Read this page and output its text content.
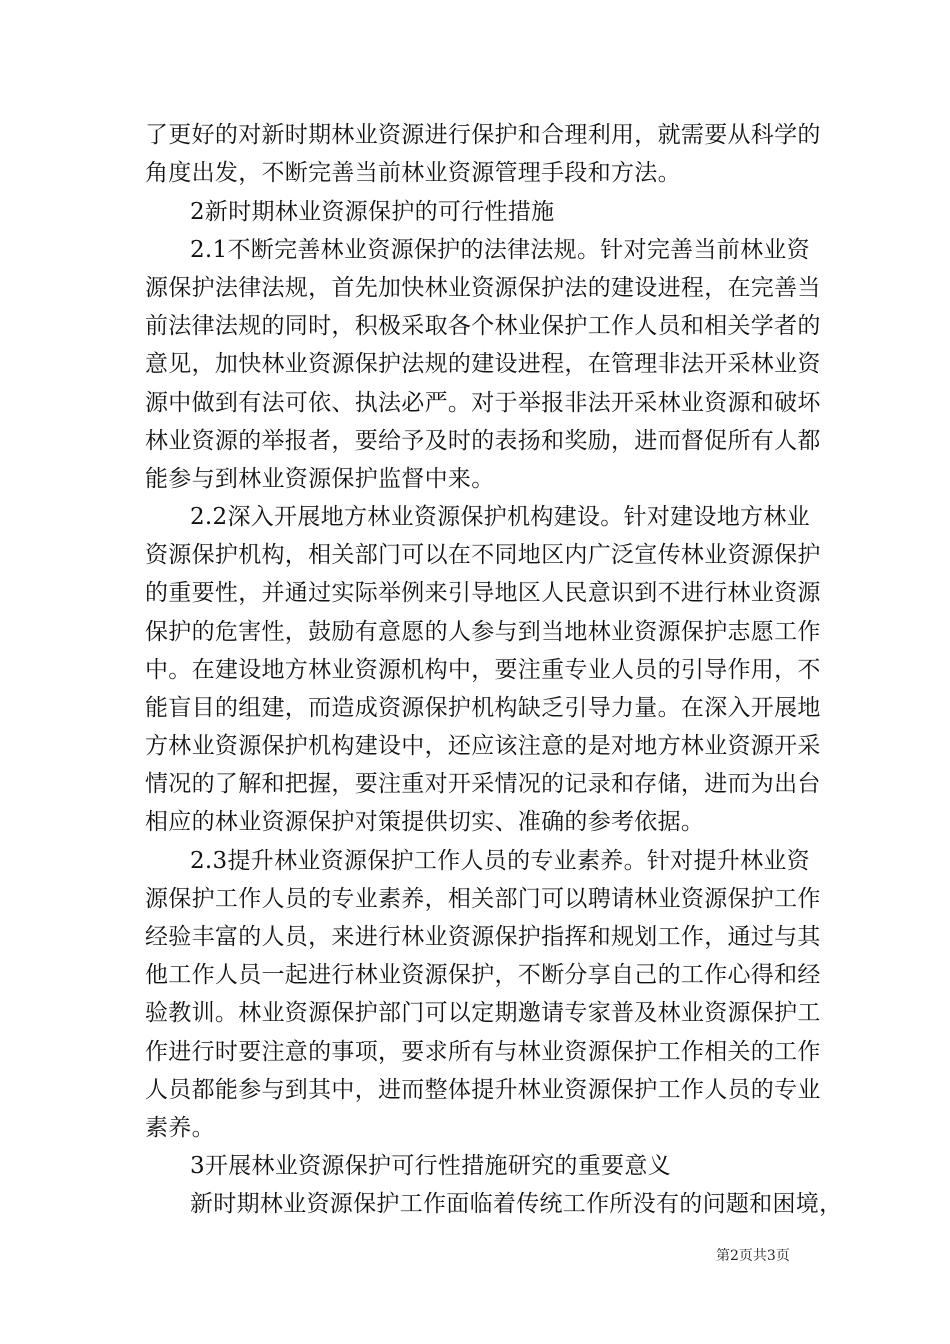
了更好的对新时期林业资源进行保护和合理利用，就需要从科学的
角度出发，不断完善当前林业资源管理手段和方法。
2新时期林业资源保护的可行性措施
2.1不断完善林业资源保护的法律法规。针对完善当前林业资
源保护法律法规，首先加快林业资源保护法的建设进程，在完善当
前法律法规的同时，积极采取各个林业保护工作人员和相关学者的
意见，加快林业资源保护法规的建设进程，在管理非法开采林业资
源中做到有法可依、执法必严。对于举报非法开采林业资源和破坏
林业资源的举报者，要给予及时的表扬和奖励，进而督促所有人都
能参与到林业资源保护监督中来。
2.2深入开展地方林业资源保护机构建设。针对建设地方林业
资源保护机构，相关部门可以在不同地区内广泛宣传林业资源保护
的重要性，并通过实际举例来引导地区人民意识到不进行林业资源
保护的危害性，鼓励有意愿的人参与到当地林业资源保护志愿工作
中。在建设地方林业资源机构中，要注重专业人员的引导作用，不
能盲目的组建，而造成资源保护机构缺乏引导力量。在深入开展地
方林业资源保护机构建设中，还应该注意的是对地方林业资源开采
情况的了解和把握，要注重对开采情况的记录和存储，进而为出台
相应的林业资源保护对策提供切实、准确的参考依据。
2.3提升林业资源保护工作人员的专业素养。针对提升林业资
源保护工作人员的专业素养，相关部门可以聘请林业资源保护工作
经验丰富的人员，来进行林业资源保护指挥和规划工作，通过与其
他工作人员一起进行林业资源保护，不断分享自己的工作心得和经
验教训。林业资源保护部门可以定期邀请专家普及林业资源保护工
作进行时要注意的事项，要求所有与林业资源保护工作相关的工作
人员都能参与到其中，进而整体提升林业资源保护工作人员的专业
素养。
3开展林业资源保护可行性措施研究的重要意义
新时期林业资源保护工作面临着传统工作所没有的问题和困境，
第2页共3页
